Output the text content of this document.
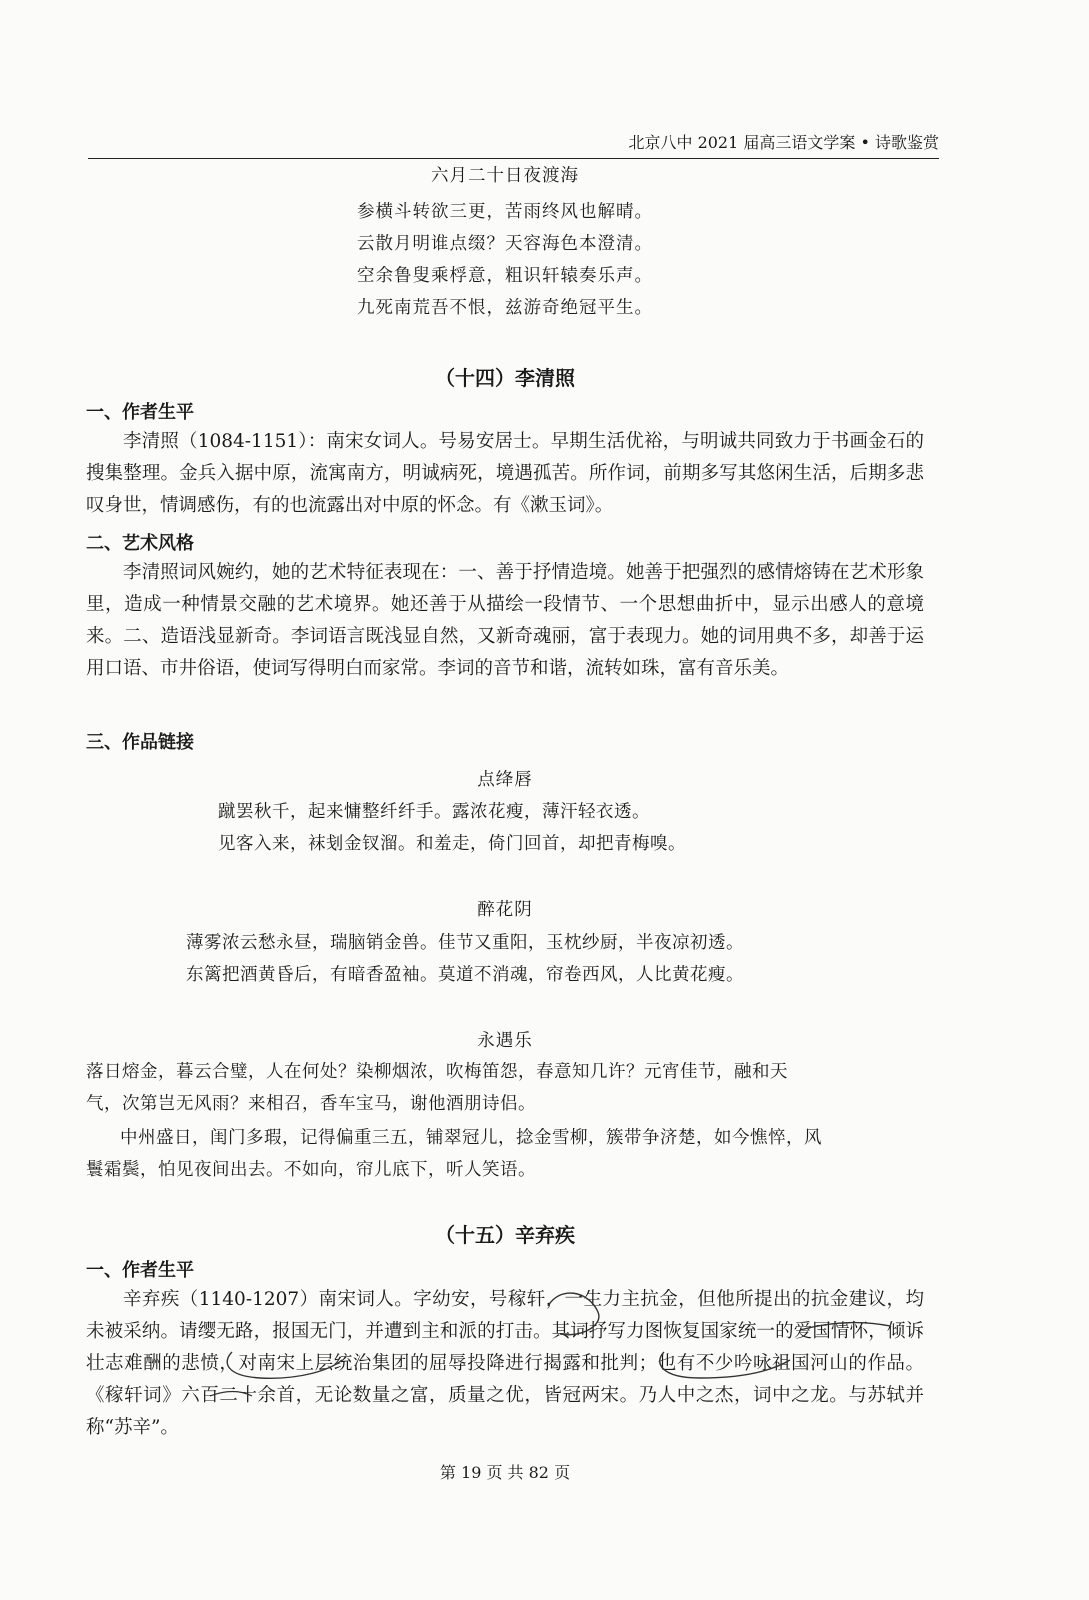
北京八中 2021 届高三语文学案 • 诗歌鉴赏
六月二十日夜渡海
参横斗转欲三更，苦雨终风也解晴。
云散月明谁点缀？天容海色本澄清。
空余鲁叟乘桴意，粗识轩辕奏乐声。
九死南荒吾不恨，兹游奇绝冠平生。
（十四）李清照
一、作者生平

李清照（1084-1151）：南宋女词人。号易安居士。早期生活优裕，与明诚共同致力于书画金石的搜集整理。金兵入据中原，流寓南方，明诚病死，境遇孤苦。所作词，前期多写其悠闲生活，后期多悲叹身世，情调感伤，有的也流露出对中原的怀念。有《漱玉词》。

二、艺术风格

李清照词风婉约，她的艺术特征表现在：一、善于抒情造境。她善于把强烈的感情熔铸在艺术形象里，造成一种情景交融的艺术境界。她还善于从描绘一段情节、一个思想曲折中，显示出感人的意境来。二、造语浅显新奇。李词语言既浅显自然，又新奇魂丽，富于表现力。她的词用典不多，却善于运用口语、市井俗语，使词写得明白而家常。李词的音节和谐，流转如珠，富有音乐美。

三、作品链接
点绛唇
蹴罢秋千，起来慵整纤纤手。露浓花瘦，薄汗轻衣透。
见客入来，袜刬金钗溜。和羞走，倚门回首，却把青梅嗅。
醉花阴
薄雾浓云愁永昼，瑞脑销金兽。佳节又重阳，玉枕纱厨，半夜凉初透。
东篱把酒黄昏后，有暗香盈袖。莫道不消魂，帘卷西风，人比黄花瘦。
永遇乐
落日熔金，暮云合璧，人在何处？染柳烟浓，吹梅笛怨，春意知几许？元宵佳节，融和天
气，次第岂无风雨？来相召，香车宝马，谢他酒朋诗侣。
中州盛日，闺门多瑕，记得偏重三五，铺翠冠儿，捻金雪柳，簇带争济楚，如今憔悴，风
鬟霜鬓，怕见夜间出去。不如向，帘儿底下，听人笑语。
（十五）辛弃疾
一、作者生平

辛弃疾（1140-1207）南宋词人。字幼安，号稼轩，一生力主抗金，但他所提出的抗金建议，均未被采纳。请缨无路，报国无门，并遭到主和派的打击。其词抒写力图恢复国家统一的爱国情怀，倾诉壮志难酬的悲愤，对南宋上层统治集团的屈辱投降进行揭露和批判；也有不少吟咏祖国河山的作品。《稼轩词》六百二十余首，无论数量之富，质量之优，皆冠两宋。乃人中之杰，词中之龙。与苏轼并称“苏辛”。

第 19 页 共 82 页
